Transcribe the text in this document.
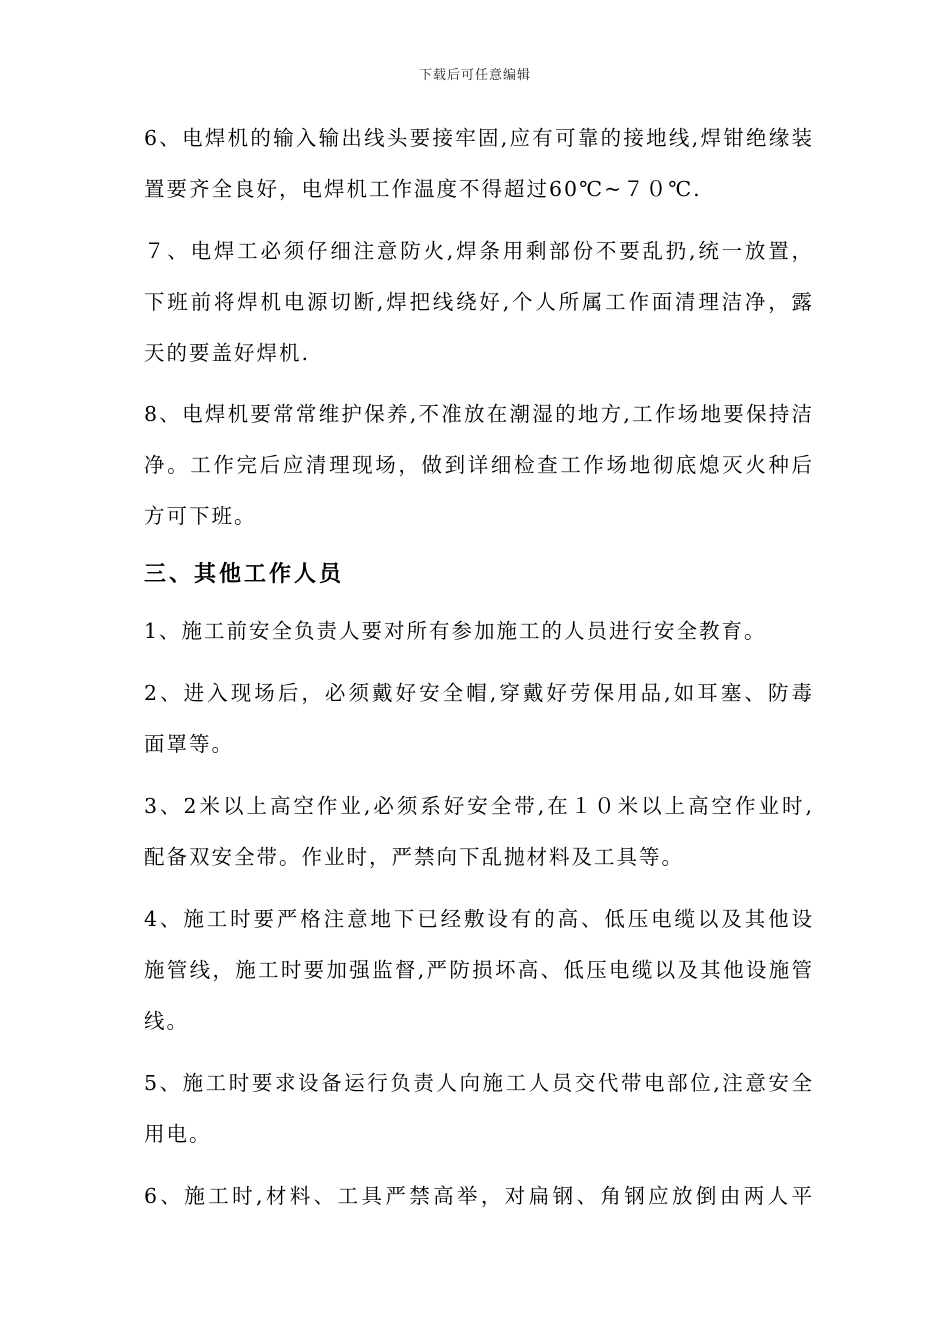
下载后可任意编辑
6、电焊机的输入输出线头要接牢固,应有可靠的接地线,焊钳绝缘装
置要齐全良好，电焊机工作温度不得超过60℃~７０℃.
７、电焊工必须仔细注意防火,焊条用剩部份不要乱扔,统一放置，
下班前将焊机电源切断,焊把线绕好,个人所属工作面清理洁净，露
天的要盖好焊机.
8、电焊机要常常维护保养,不准放在潮湿的地方,工作场地要保持洁
净。工作完后应清理现场，做到详细检查工作场地彻底熄灭火种后
方可下班。
三、其他工作人员
1、施工前安全负责人要对所有参加施工的人员进行安全教育。
2、进入现场后，必须戴好安全帽,穿戴好劳保用品,如耳塞、防毒
面罩等。
3、2米以上高空作业,必须系好安全带,在１０米以上高空作业时,
配备双安全带。作业时，严禁向下乱抛材料及工具等。
4、施工时要严格注意地下已经敷设有的高、低压电缆以及其他设
施管线，施工时要加强监督,严防损坏高、低压电缆以及其他设施管
线。
5、施工时要求设备运行负责人向施工人员交代带电部位,注意安全
用电。
6、施工时,材料、工具严禁高举，对扁钢、角钢应放倒由两人平
